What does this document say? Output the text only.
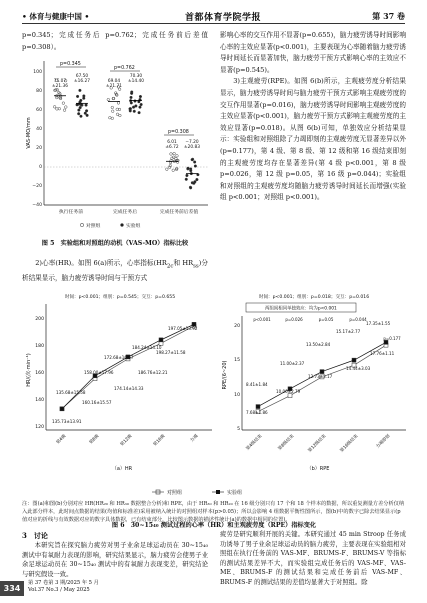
• 体育与健康中国 •	首都体育学院学报	第 37 卷

p=0.345；完成任务后 p=0.762；完成任务前后差值 p=0.308）。

100
80
60
40
20
0
−20
−40
VAS-MO/mm
p=0.345
p=0.762
p=0.308
75.07
±21.36
67.50
±16.27	69.04
±21.71
70.30
±14.40
6.01
±6.72
−7.20
±20.83
执行任务前	完成任务后	完成任务前后差值
对照组	实验组
图 5　实验组和对照组的动机（VAS-MO）指标比较

2)心率(HR)。如图 6(a)所示，心率指标($HR_{2c}$和 $HR_{ss}$)分析结果显示，脑力疲劳诱导时间与干预方式

影响心率的交互作用不显著(p=0.655)，脑力疲劳诱导时间影响心率的主效应显著(p<0.001)，主要表现为心率随着脑力疲劳诱导时间延长而显著加快，脑力疲劳干预方式影响心率的主效应不显著(p=0.545)。

3)主观疲劳(RPE)。如图 6(b)所示，主观疲劳度分析结果显示，脑力疲劳诱导时间与脑力疲劳干预方式影响主观疲劳度的交互作用显著(p=0.016)，脑力疲劳诱导时间影响主观疲劳度的主效应显著(p<0.001)，脑力疲劳干预方式影响主观疲劳度的主效应显著(p=0.018)。从图 6(b)可知，单独效应分析结果显示：实验组和对照组除了力竭即刻的主观疲劳度无显著差异以外(p=0.177)，第 4 级、第 8 级、第 12 级和第 16 级结束即刻的主观疲劳度均存在显著差异(第 4 级 p<0.001，第 8 级 p=0.026，第 12 级 p=0.05，第 16 级 p=0.044)；实验组和对照组的主观疲劳度均随脑力疲劳诱导时间延长而增强(实验组 p<0.001；对照组 p<0.001)。

时间：p<0.001；组别：p=0.545；交互：p=0.655
200
180
160
140
120
HR/(次·min⁻¹)
135.73±13.91
135.68±15.58
160.16±15.57
158.00±17.96
172.68±16.57
174.14±14.33
184.24±14.10
186.76±12.21
197.05±13.92
198.27±11.58
第4级	第8级	第12级	第16级	力竭
（a）HR
时间：p<0.001；组别：p=0.018；交互：p=0.016
两组间相同单独效应：均为p<0.001
20
15
10
5
RPE/(6~20)	8.41±1.84
7.68±1.86
11.00±2.37
10.00±2.79
13.50±2.84
12.73±3.17
15.17±2.77
14.44±3.03
17.35±1.55
17.76±1.11
p<0.001	p=0.026	p=0.05	p=0.044
p=0.177
第4级结束	第8级结束	第12级结束	第16级结束	力竭即刻
（b）RPE
对照组	实验组
注：图(a)和图(b)分别对应 HR(HR₂₀ 和 HR₃₀ 数据整合分析)和 RPE，由于 HR₃₀ 和 HR₂₀ 在 16 级分别只有 17 个和 18 个样本的数据，所以重复测量方差分析仅纳入此部分样本，此时间点数据的结果(均值和标准差)采用被纳入统计的对照组对样本(p>0.05)；所以会影响 4 组数据平衡性图所示，图(b)中的数字已除去结果显示(p 值对应的折线与有效数据对应的数字具体数据，已有结束部分，比较图示数据的描述性统计(a)的数据中相同的位置)。
图 6　30~15₄₀ 测试过程的心率（HR）和主观疲劳度（RPE）指标变化
3　讨论

本研究旨在探究脑力疲劳对男子业余足球运动员在 30~15₄₀ 测试中有氧耐力表现的影响，研究结果显示，脑力疲劳会使男子业余足球运动员在 30~15₄₀ 测试中的有氧耐力表现变差，研究结论与研究假设一致。

疲劳是研究顺利开展的关键。本研究通过 45 min Stroop 任务成功诱导了男子业余足球运动员的脑力疲劳，主要表现在实验组相对照组在执行任务前的 VAS-MF、BRUMS-F、BRUMS-V 等指标的测试结果差异不大，而实验组完成任务后的 VAS-MF、VAS-ME、BRUMS-F 的测试结果和完成任务前后 VAS-MF、BRUMS-F 的测试结果的差值均显著大于对照组。除

334
第 37 卷第 3 期/2025 年 5 月
Vol.37 No.3 / May 2025
